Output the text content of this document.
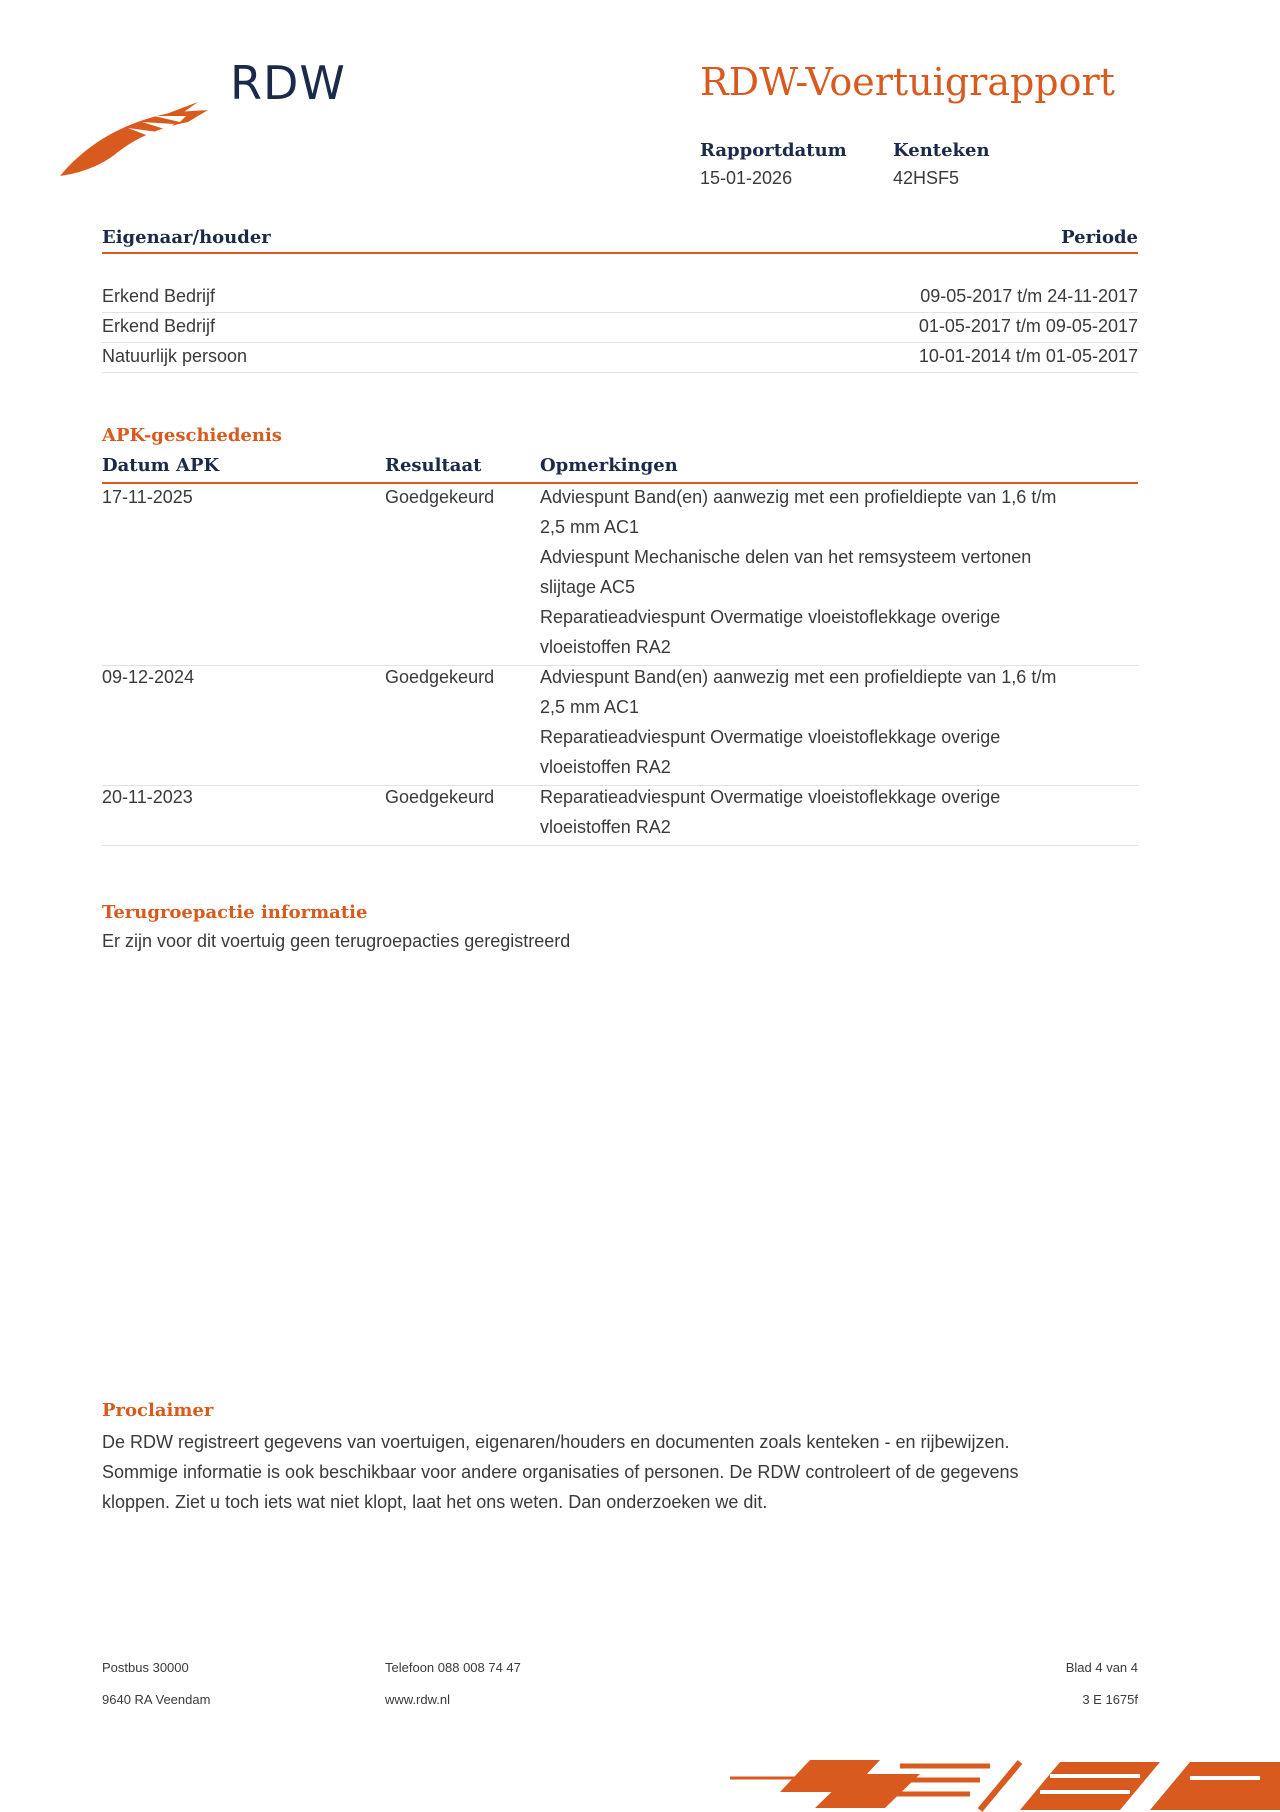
RDW	RDW-Voertuigrapport
Rapportdatum
15-01-2026
Kenteken
42HSF5
Eigenaar/houder	Periode
Erkend Bedrijf	09-05-2017 t/m 24-11-2017
Erkend Bedrijf	01-05-2017 t/m 09-05-2017
Natuurlijk persoon	10-01-2014 t/m 01-05-2017
APK-geschiedenis
Datum APK	Resultaat	Opmerkingen
17-11-2025	Goedgekeurd	Adviespunt Band(en) aanwezig met een profieldiepte van 1,6 t/m
2,5 mm AC1
Adviespunt Mechanische delen van het remsysteem vertonen
slijtage AC5
Reparatieadviespunt Overmatige vloeistoflekkage overige
vloeistoffen RA2
09-12-2024	Goedgekeurd	Adviespunt Band(en) aanwezig met een profieldiepte van 1,6 t/m
2,5 mm AC1
Reparatieadviespunt Overmatige vloeistoflekkage overige
vloeistoffen RA2
20-11-2023	Goedgekeurd	Reparatieadviespunt Overmatige vloeistoflekkage overige
vloeistoffen RA2
Terugroepactie informatie
Er zijn voor dit voertuig geen terugroepacties geregistreerd
Proclaimer
De RDW registreert gegevens van voertuigen, eigenaren/houders en documenten zoals kenteken - en rijbewijzen.
Sommige informatie is ook beschikbaar voor andere organisaties of personen. De RDW controleert of de gegevens
kloppen. Ziet u toch iets wat niet klopt, laat het ons weten. Dan onderzoeken we dit.
Postbus 30000
9640 RA Veendam
Telefoon 088 008 74 47
www.rdw.nl
Blad 4 van 4
3 E 1675f
